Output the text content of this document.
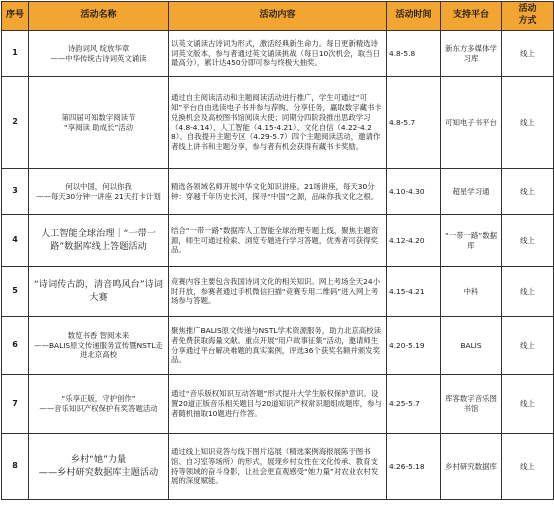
序号	活动名称	活动内容	活动时间	支持平台	活动
方式
1	诗韵词风 绽放华章
——中华传统古诗词英文诵读	以英文诵读古诗词为形式，激活经典新生命力。每日更新精选诗词英文版本，参与者通过英文诵读挑战（每日10次机会，取当日最高分），累计达450分即可参与终极大抽奖。	4.8-5.8	新东方多媒体学习库	线上
2	第四届可知数字阅读节
“享阅读 助成长”活动	通过自主阅读活动和主题阅读活动进行推广，学生可通过“可知”平台自由选读电子书并参与荐购、分享任务，赢取数字藏书卡兑换机会及高校图书馆阅读大使；同期分四阶段推出思政学习（4.8-4.14）、人工智能（4.15-4.21）、文化自信（4.22-4.28）、自我提升主题专区（4.29-5.7）四个主题阅读活动，邀请作者线上讲书和主题分享，参与者有机会获得有藏书卡奖励。	4.8-5.7	可知电子书平台	线上
3	何以中国，何以你我
——每天30分钟一讲座 21天打卡计划	精选各领域名师开展中华文化知识讲座。21场讲座，每天30分钟：穿越千年历史长河，探寻“中国”之源，品味你我文化之根。	4.10-4.30	超星学习通	线上
4	人工智能全球治理｜“一带一路”数据库线上答题活动	结合“一带一路”数据库人工智能全球治理专题上线，聚焦主题资源，师生可通过检索、浏览专题进行学习答题，优秀者可获得奖品。	4.12-4.20	“一带一路”数据库	线上
5	“诗词传古韵，清音鸣风台”诗词大赛	竞赛内容主要包含我国诗词文化的相关知识。网上考场全天24小时开放，参赛者通过手机微信扫描“竞赛专用二维码”进入网上考场参与答题。	4.15-4.21	中科	线上
6	数览书香 智阅未来
——BALIS原文传递服务宣传暨NSTL走进北京高校	聚焦推广BALIS原文传递与NSTL学术资源服务，助力北京高校读者免费获取海量文献。重点开展“用户故事征集”活动，邀请师生分享通过平台解决难题的真实案例，评选36个获奖名额并颁发奖品。	4.20-5.19	BALIS	线上
7	“乐享正版，守护创作”
——音乐知识产权保护有奖答题活动	通过“音乐版权知识互动答题”形式提升大学生版权保护意识。设置20道正版音乐相关题目与20道知识产权常识题组成题库，参与者随机抽取10题进行作答。	4.25-5.7	库客数字音乐图书馆	线上
8	乡村“她”力量
——乡村研究数据库主题活动	通过线上知识竞答与线下图片巡展（精选案例海报展陈于图书馆、自习室等场所）的形式，展现乡村女性在文化传承、教育支持等领域的奋斗身影，让社会更直观感受“她力量”对农业农村发展的深度赋能。	4.26-5.18	乡村研究数据库	线上
